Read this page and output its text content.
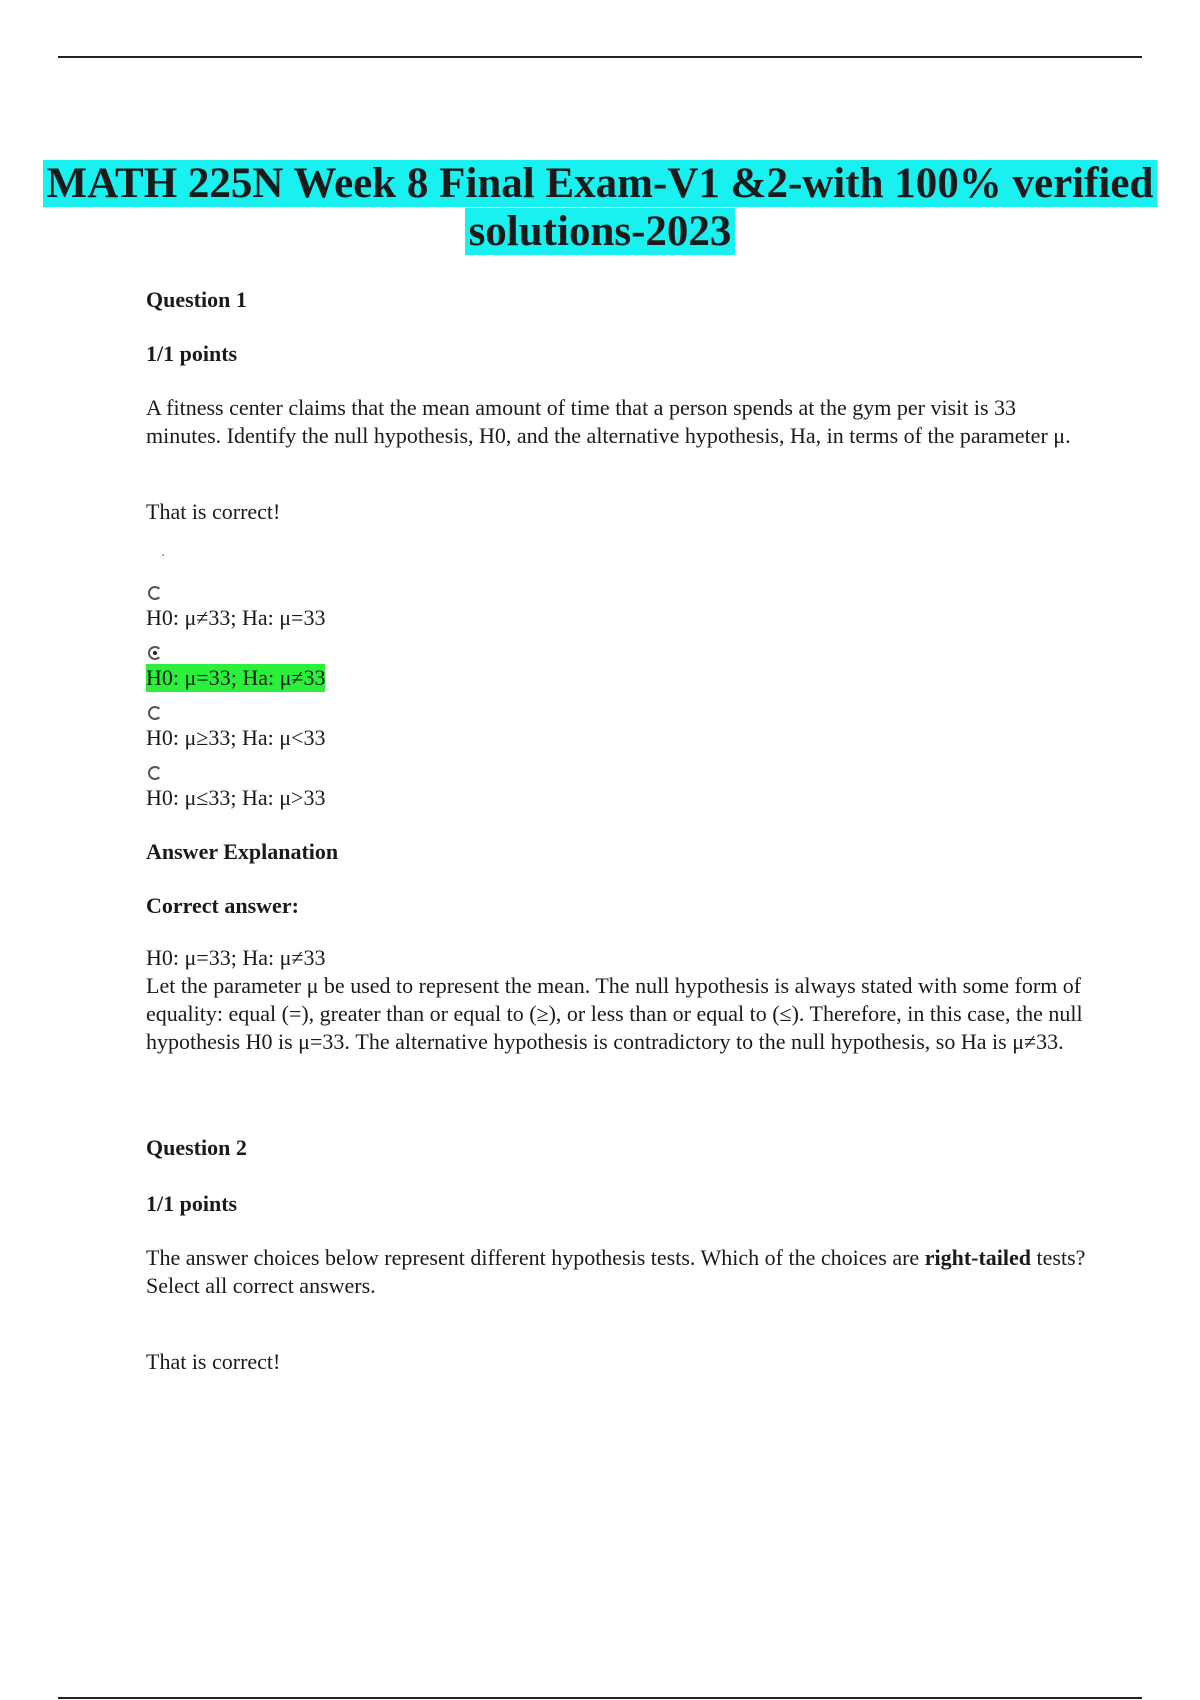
MATH 225N Week 8 Final Exam-V1 &2-with 100% verified
solutions-2023

Question 1

1/1 points

A fitness center claims that the mean amount of time that a person spends at the gym per visit is 33 minutes. Identify the null hypothesis, H0, and the alternative hypothesis, Ha, in terms of the parameter μ.

That is correct!

H0: μ≠33; Ha: μ=33
H0: μ=33; Ha: μ≠33
H0: μ≥33; Ha: μ<33
H0: μ≤33; Ha: μ>33

Answer Explanation

Correct answer:

H0: μ=33; Ha: μ≠33

Let the parameter μ be used to represent the mean. The null hypothesis is always stated with some form of equality: equal (=), greater than or equal to (≥), or less than or equal to (≤). Therefore, in this case, the null hypothesis H0 is μ=33. The alternative hypothesis is contradictory to the null hypothesis, so Ha is μ≠33.

Question 2

1/1 points

The answer choices below represent different hypothesis tests. Which of the choices are right-tailed tests? Select all correct answers.

That is correct!
